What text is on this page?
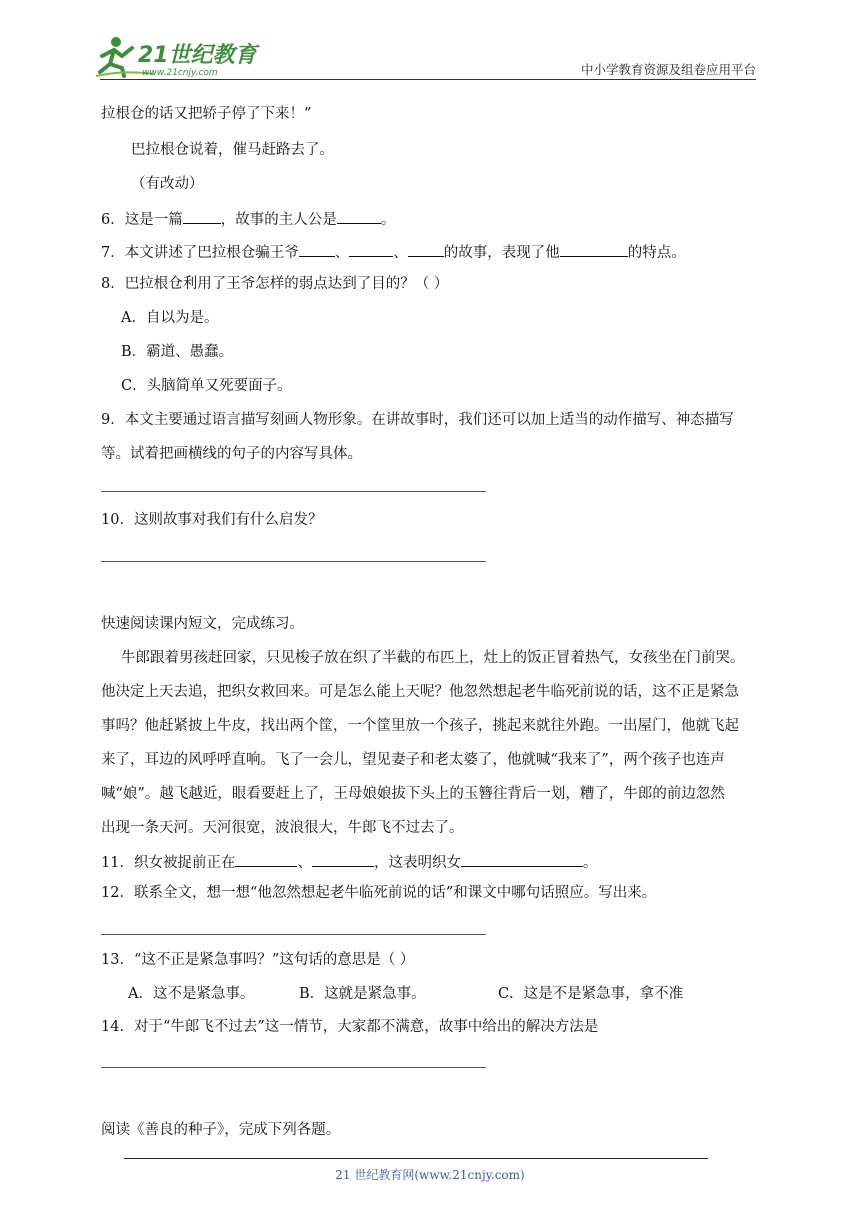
21世纪教育
www.21cnjy.com	中小学教育资源及组卷应用平台
拉根仓的话又把轿子停了下来！”
巴拉根仓说着，催马赶路去了。
（有改动）
6．这是一篇	，故事的主人公是	。
7．本文讲述了巴拉根仓骗王爷 、	、 的故事，表现了他	的特点。
8．巴拉根仓利用了王爷怎样的弱点达到了目的？（ ）
A．自以为是。
B．霸道、愚蠢。
C．头脑简单又死要面子。
9．本文主要通过语言描写刻画人物形象。在讲故事时，我们还可以加上适当的动作描写、神态描写
等。试着把画横线的句子的内容写具体。
10．这则故事对我们有什么启发？
快速阅读课内短文，完成练习。
牛郎跟着男孩赶回家，只见梭子放在织了半截的布匹上，灶上的饭正冒着热气，女孩坐在门前哭。
他决定上天去追，把织女救回来。可是怎么能上天呢？他忽然想起老牛临死前说的话，这不正是紧急
事吗？他赶紧披上牛皮，找出两个筐，一个筐里放一个孩子，挑起来就往外跑。一出屋门，他就飞起
来了，耳边的风呼呼直响。飞了一会儿，望见妻子和老太婆了，他就喊“我来了”，两个孩子也连声
喊“娘”。越飞越近，眼看要赶上了，王母娘娘拔下头上的玉簪往背后一划，糟了，牛郎的前边忽然
出现一条天河。天河很宽，波浪很大，牛郎飞不过去了。
11．织女被捉前正在	、	，这表明织女	。
12．联系全文，想一想“他忽然想起老牛临死前说的话”和课文中哪句话照应。写出来。
13．“这不正是紧急事吗？”这句话的意思是（ ）
A．这不是紧急事。	B．这就是紧急事。	C．这是不是紧急事，拿不准
14．对于“牛郎飞不过去”这一情节，大家都不满意，故事中给出的解决方法是
阅读《善良的种子》，完成下列各题。
21 世纪教育网(www.21cnjy.com)
